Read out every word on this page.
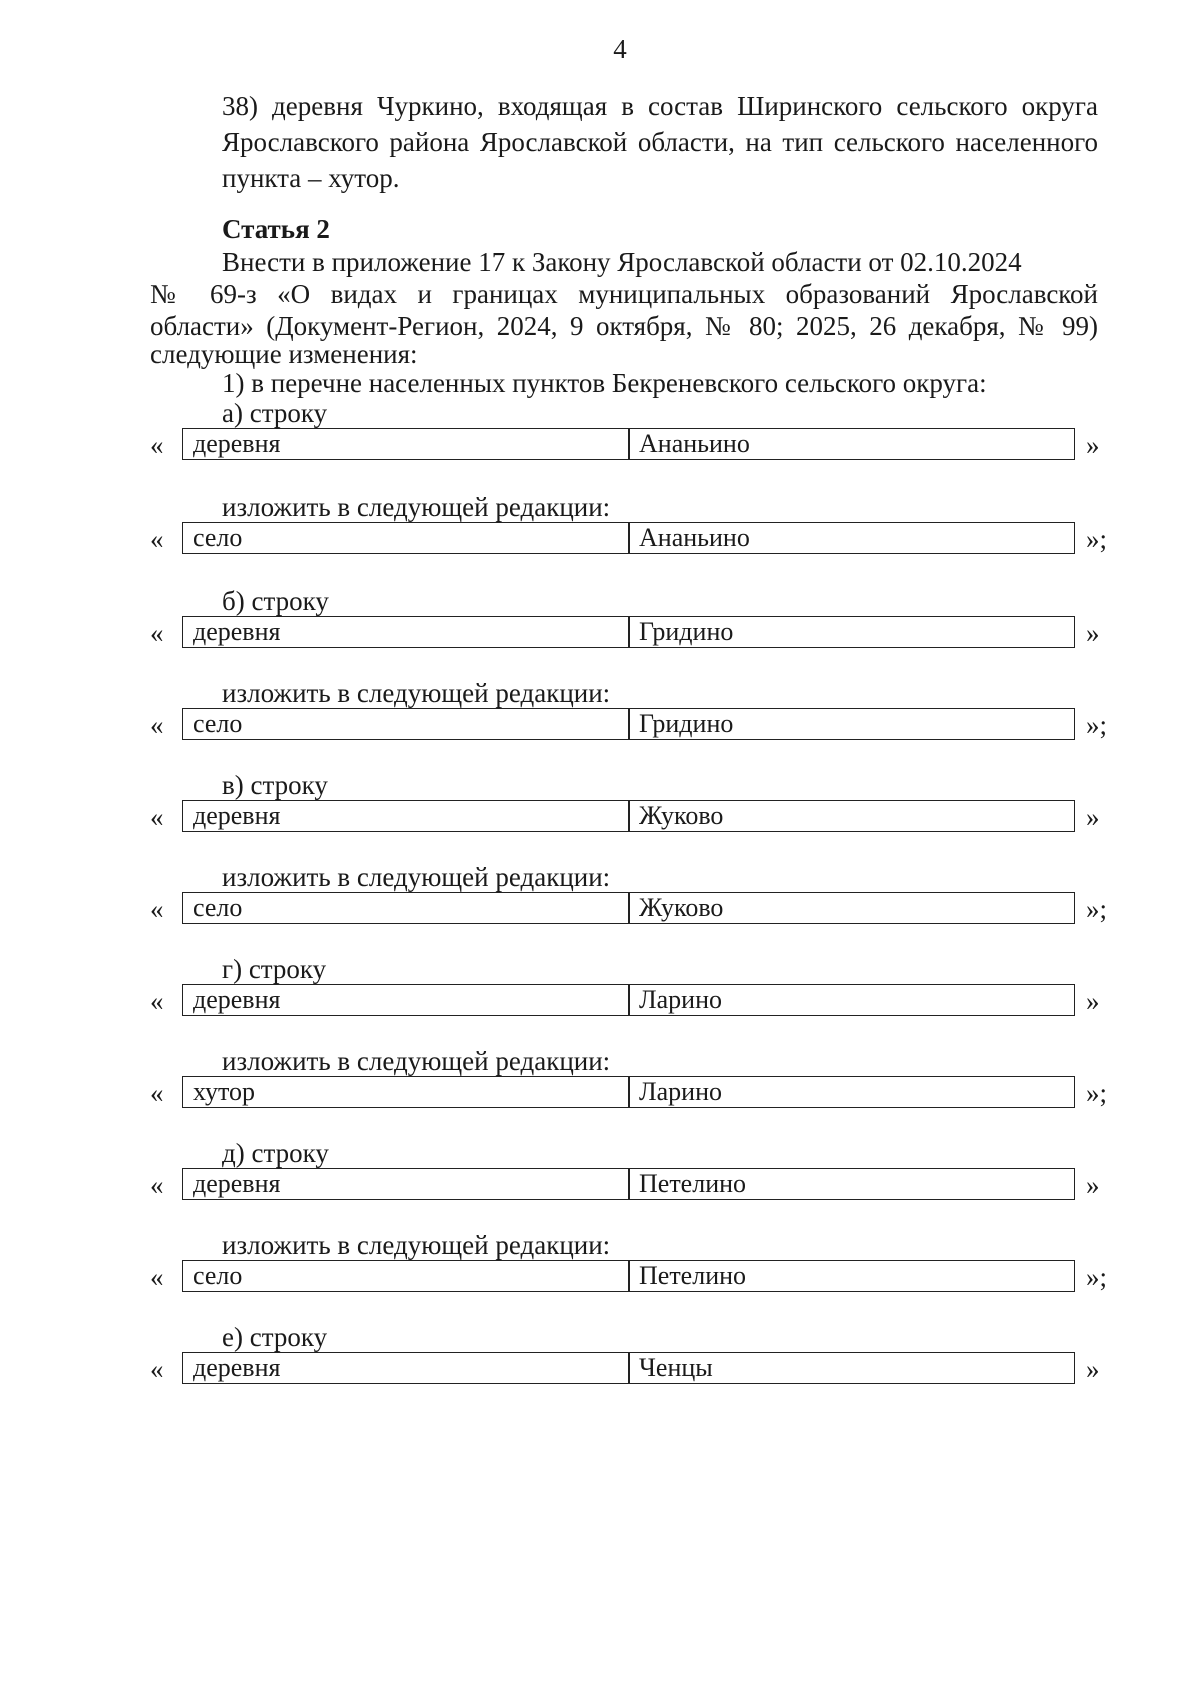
4
38) деревня Чуркино, входящая в состав Ширинского сельского округа Ярославского района Ярославской области, на тип сельского населенного пункта – хутор.
Статья 2
Внести в приложение 17 к Закону Ярославской области от 02.10.2024
№ 69-з «О видах и границах муниципальных образований Ярославской
области» (Документ-Регион, 2024, 9 октября, № 80; 2025, 26 декабря, № 99)
следующие изменения:
1) в перечне населенных пунктов Бекреневского сельского округа:
а) строку
«	деревня	Ананьино	»
изложить в следующей редакции:
«	село	Ананьино	»;
б) строку
«	деревня	Гридино	»
изложить в следующей редакции:
«	село	Гридино	»;
в) строку
«	деревня	Жуково	»
изложить в следующей редакции:
«	село	Жуково	»;
г) строку
«	деревня	Ларино	»
изложить в следующей редакции:
«	хутор	Ларино	»;
д) строку
«	деревня	Петелино	»
изложить в следующей редакции:
«	село	Петелино	»;
е) строку
«	деревня	Ченцы	»
